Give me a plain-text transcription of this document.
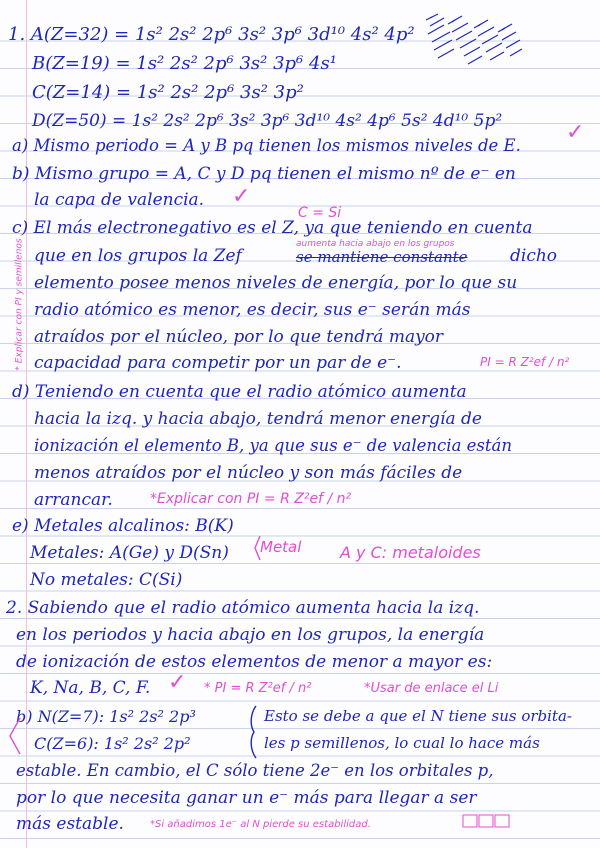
1. A(Z=32) = 1s² 2s² 2p⁶ 3s² 3p⁶ 3d¹⁰ 4s² 4p²
B(Z=19) = 1s² 2s² 2p⁶ 3s² 3p⁶ 4s¹
C(Z=14) = 1s² 2s² 2p⁶ 3s² 3p²
D(Z=50) = 1s² 2s² 2p⁶ 3s² 3p⁶ 3d¹⁰ 4s² 4p⁶ 5s² 4d¹⁰ 5p²
a) Mismo periodo = A y B pq tienen los mismos niveles de E.
✓
b) Mismo grupo = A, C y D pq tienen el mismo nº de e⁻ en
la capa de valencia. ✓
C = Si
c) El más electronegativo es el Z, ya que teniendo en cuenta
aumenta hacia abajo en los grupos
que en los grupos la Zef	se mantiene constante dicho
elemento posee menos niveles de energía, por lo que su
radio atómico es menor, es decir, sus e⁻ serán más
atraídos por el núcleo, por lo que tendrá mayor
capacidad para competir por un par de e⁻.	PI = R Z²ef / n²
* Explicar con PI y semillenos
d) Teniendo en cuenta que el radio atómico aumenta
hacia la izq. y hacia abajo, tendrá menor energía de
ionización el elemento B, ya que sus e⁻ de valencia están
menos atraídos por el núcleo y son más fáciles de
arrancar.	*Explicar con PI = R Z²ef / n²
e) Metales alcalinos: B(K)
Metales: A(Ge) y D(Sn) Metal A y C: metaloides
No metales: C(Si)
2. Sabiendo que el radio atómico aumenta hacia la izq.
en los periodos y hacia abajo en los grupos, la energía
de ionización de estos elementos de menor a mayor es:
K, Na, B, C, F. ✓ * PI = R Z²ef / n²	*Usar de enlace el Li
b) N(Z=7): 1s² 2s² 2p³	Esto se debe a que el N tiene sus orbita-
C(Z=6): 1s² 2s² 2p²	les p semillenos, lo cual lo hace más
estable. En cambio, el C sólo tiene 2e⁻ en los orbitales p,
por lo que necesita ganar un e⁻ más para llegar a ser
más estable.	*Si añadimos 1e⁻ al N pierde su estabilidad.
